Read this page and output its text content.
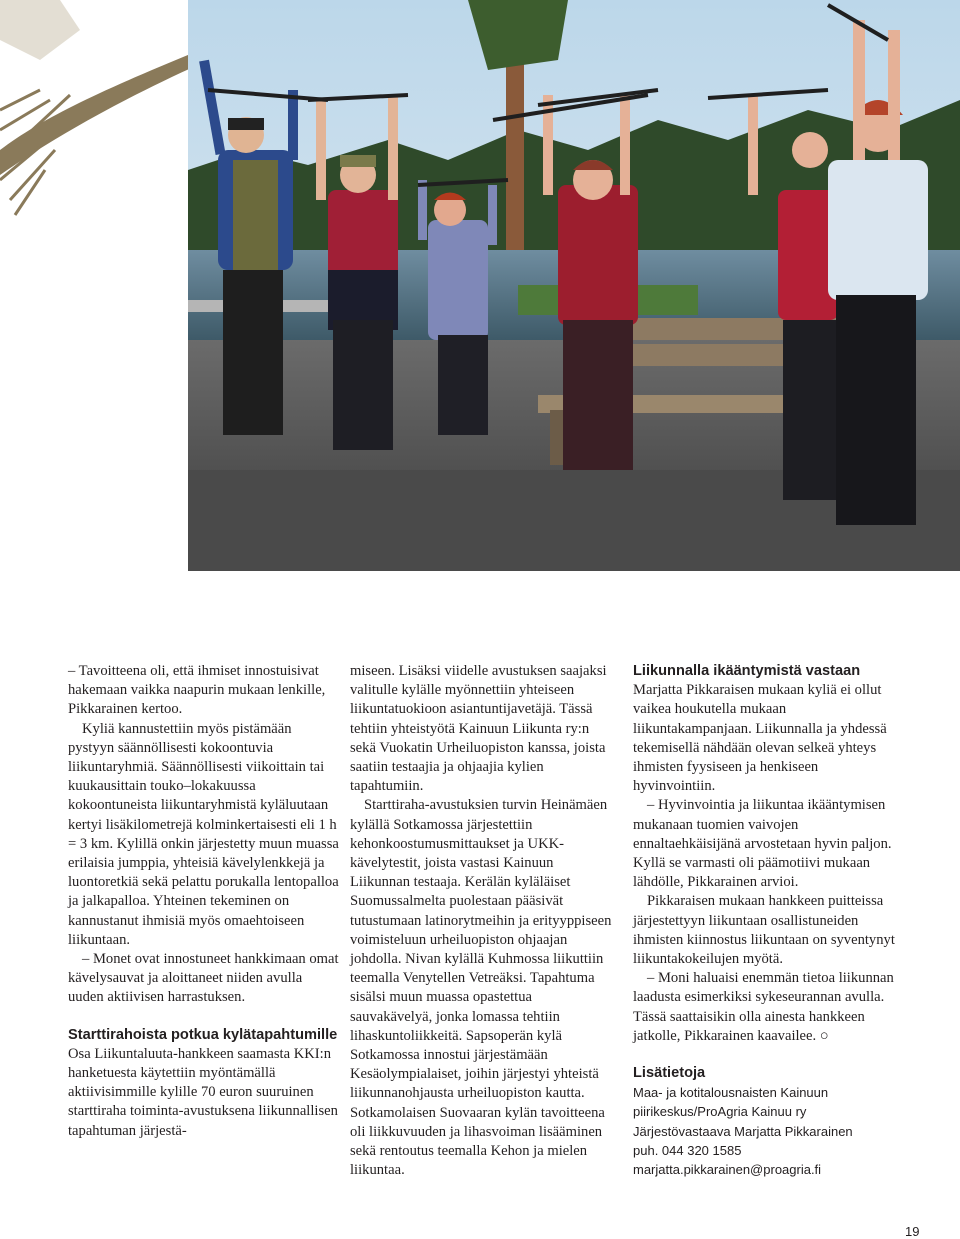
– Tavoitteena oli, että ihmiset innostuisivat hakemaan vaikka naapurin mukaan lenkille, Pikkarainen kertoo.

Kyliä kannustettiin myös pistämään pystyyn säännöllisesti kokoontuvia liikuntaryhmiä. Säännöllisesti viikoittain tai kuukausittain touko–lokakuussa kokoontuneista liikuntaryhmistä kyläluutaan kertyi lisäkilometrejä kolminkertaisesti eli 1 h = 3 km. Kylillä onkin järjestetty muun muassa erilaisia jumppia, yhteisiä kävelylenkkejä ja luontoretkiä sekä pelattu porukalla lentopalloa ja jalkapalloa. Yhteinen tekeminen on kannustanut ihmisiä myös omaehtoiseen liikuntaan.

– Monet ovat innostuneet hankkimaan omat kävelysauvat ja aloittaneet niiden avulla uuden aktiivisen harrastuksen.

Starttirahoista potkua kylätapahtumille

Osa Liikuntaluuta-hankkeen saamasta KKI:n hanketuesta käytettiin myöntämällä aktiivisimmille kylille 70 euron suuruinen starttiraha toiminta-avustuksena liikunnallisen tapahtuman järjestä-

miseen. Lisäksi viidelle avustuksen saajaksi valitulle kylälle myönnettiin yhteiseen liikuntatuokioon asiantuntijavetäjä. Tässä tehtiin yhteistyötä Kainuun Liikunta ry:n sekä Vuokatin Urheiluopiston kanssa, joista saatiin testaajia ja ohjaajia kylien tapahtumiin.

Starttiraha-avustuksien turvin Heinämäen kylällä Sotkamossa järjestettiin kehonkoostumusmittaukset ja UKK-kävelytestit, joista vastasi Kainuun Liikunnan testaaja. Kerälän kyläläiset Suomussalmelta puolestaan pääsivät tutustumaan latinorytmeihin ja erityyppiseen voimisteluun urheiluopiston ohjaajan johdolla. Nivan kylällä Kuhmossa liikuttiin teemalla Venytellen Vetreäksi. Tapahtuma sisälsi muun muassa opastettua sauvakävelyä, jonka lomassa tehtiin lihaskuntoliikkeitä. Sapsoperän kylä Sotkamossa innostui järjestämään Kesäolympialaiset, joihin järjestyi yhteistä liikunnanohjausta urheiluopiston kautta. Sotkamolaisen Suovaaran kylän tavoitteena oli liikkuvuuden ja lihasvoiman lisääminen sekä rentoutus teemalla Kehon ja mielen liikuntaa.

Liikunnalla ikääntymistä vastaan

Marjatta Pikkaraisen mukaan kyliä ei ollut vaikea houkutella mukaan liikuntakampanjaan. Liikunnalla ja yhdessä tekemisellä nähdään olevan selkeä yhteys ihmisten fyysiseen ja henkiseen hyvinvointiin.

– Hyvinvointia ja liikuntaa ikääntymisen mukanaan tuomien vaivojen ennaltaehkäisijänä arvostetaan hyvin paljon. Kyllä se varmasti oli päämotiivi mukaan lähdölle, Pikkarainen arvioi.

Pikkaraisen mukaan hankkeen puitteissa järjestettyyn liikuntaan osallistuneiden ihmisten kiinnostus liikuntaan on syventynyt liikuntakokeilujen myötä.

– Moni haluaisi enemmän tietoa liikunnan laadusta esimerkiksi sykeseurannan avulla. Tässä saattaisikin olla ainesta hankkeen jatkolle, Pikkarainen kaavailee. ○

Lisätietoja

Maa- ja kotitalousnaisten Kainuun
piirikeskus/ProAgria Kainuu ry
Järjestövastaava Marjatta Pikkarainen
puh. 044 320 1585
marjatta.pikkarainen@proagria.fi
19
